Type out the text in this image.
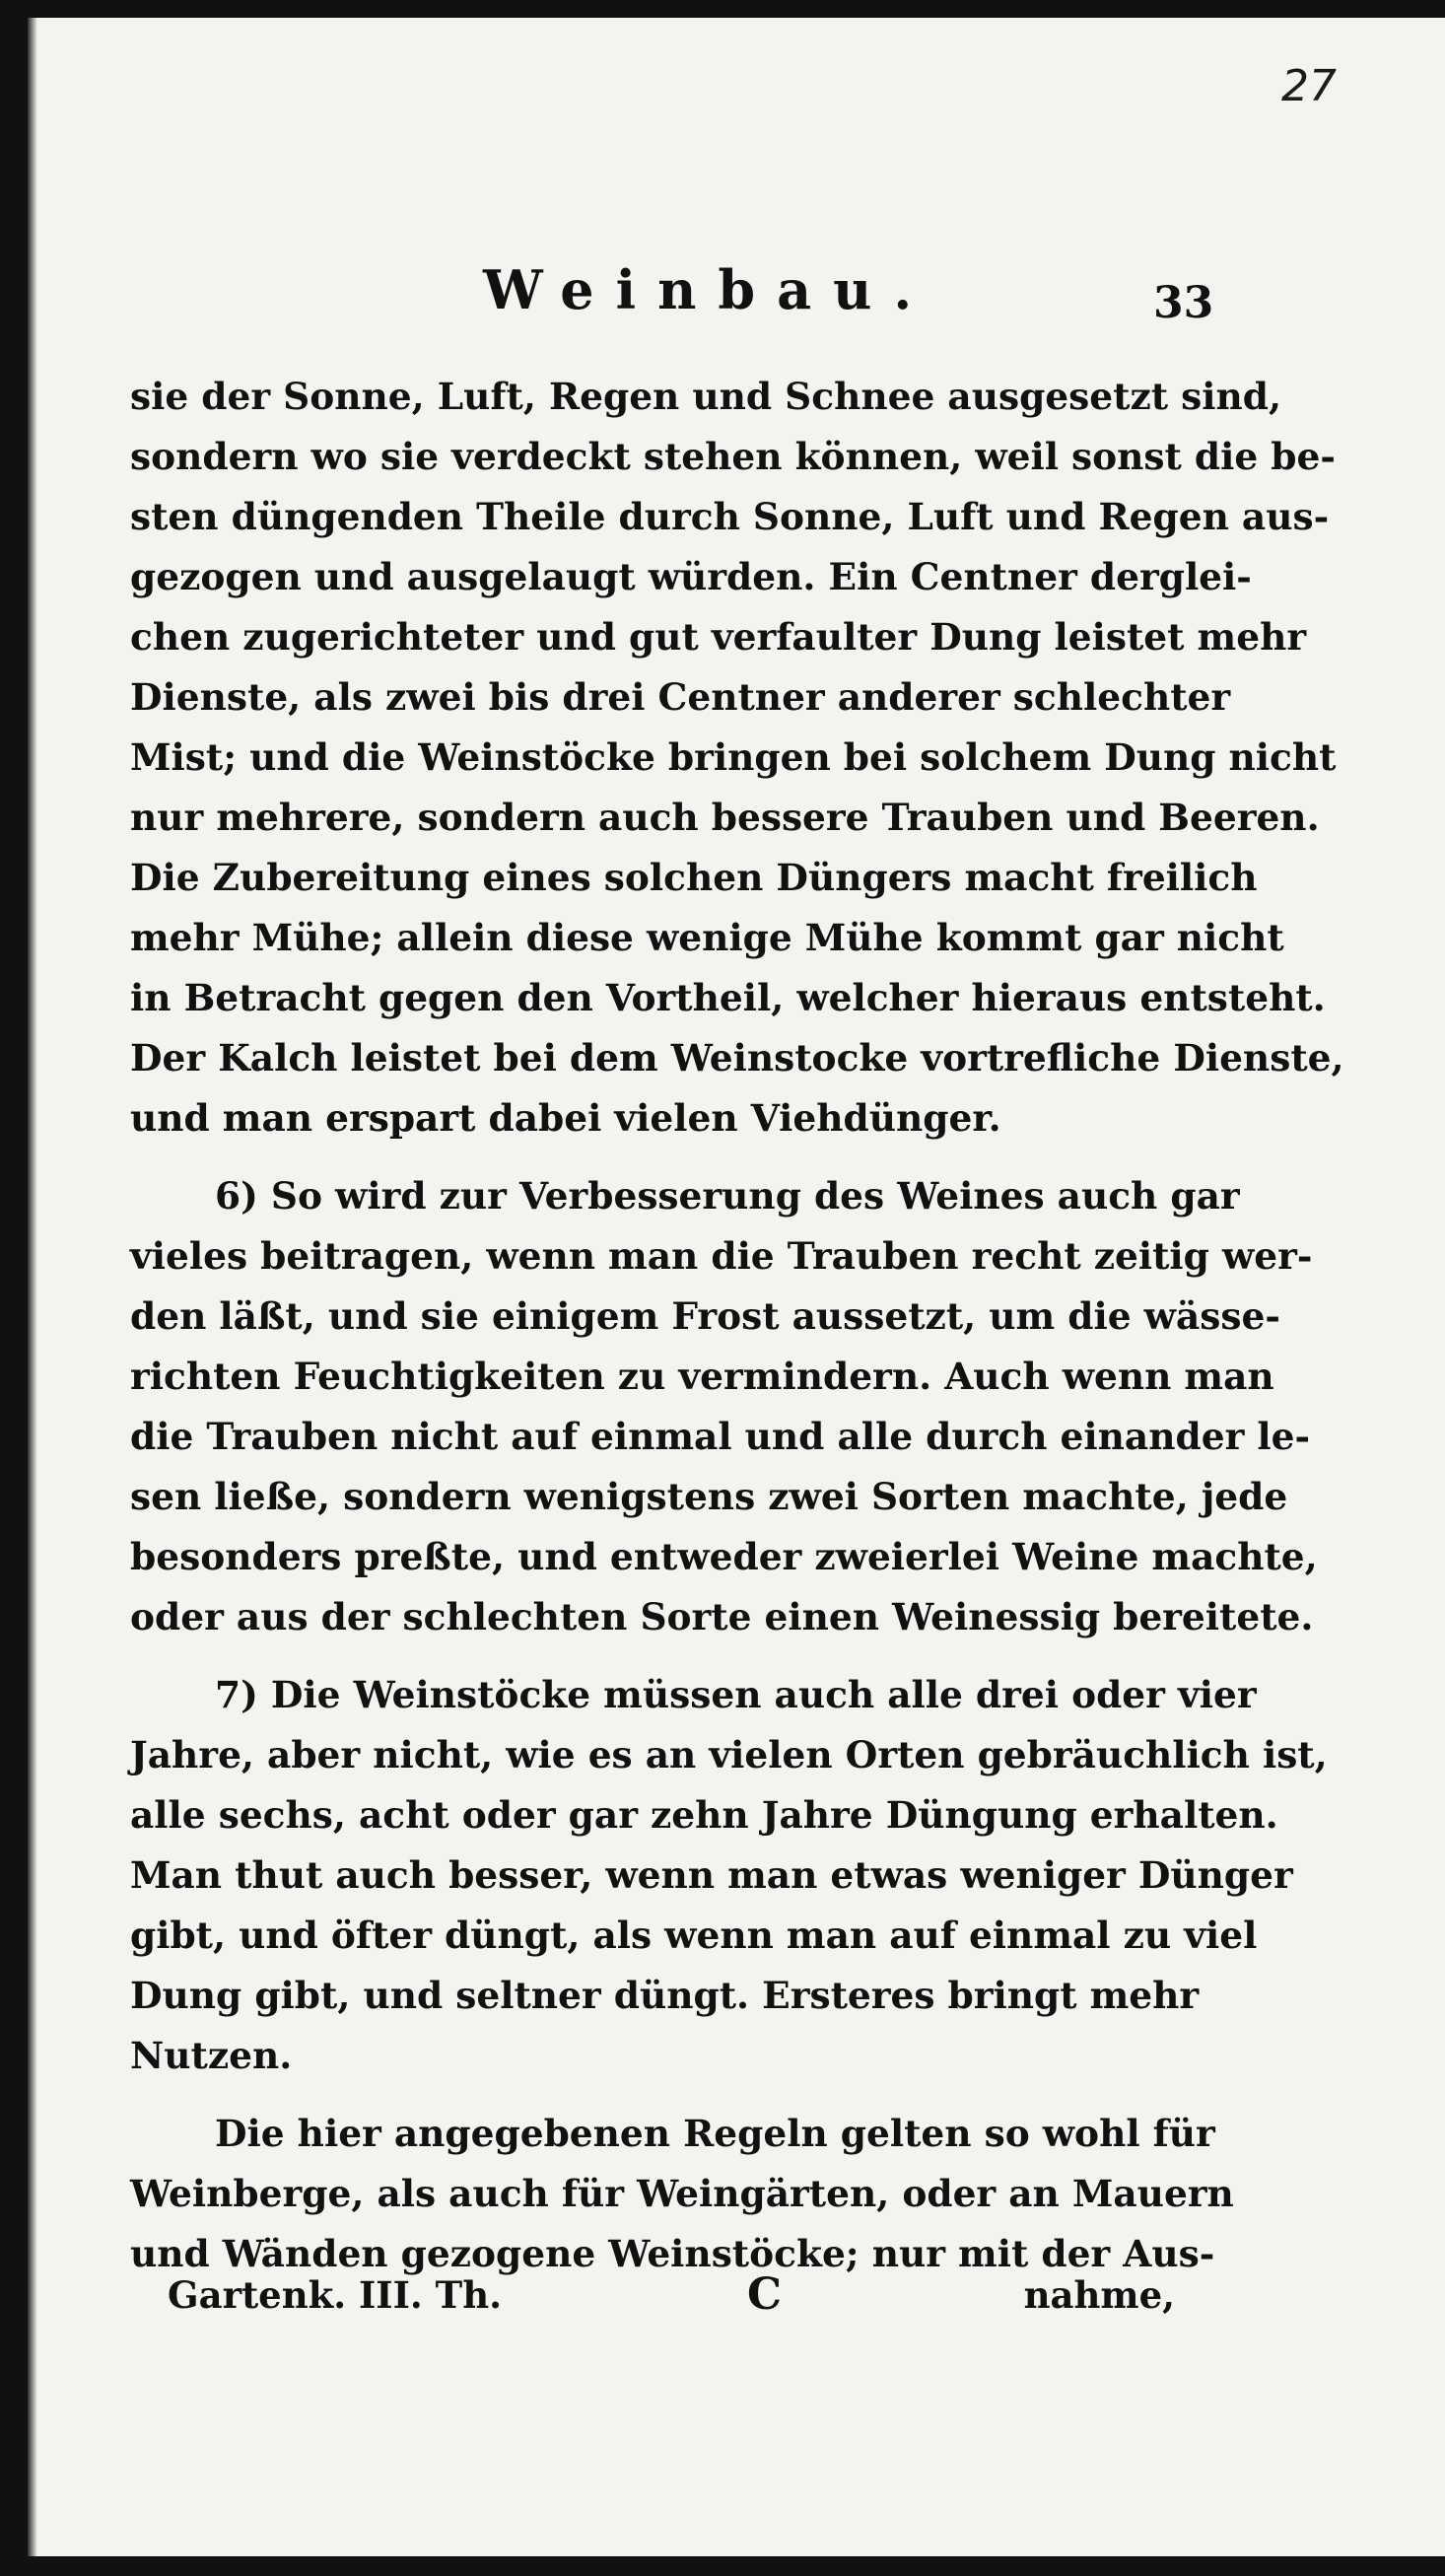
27
Weinbau.	33
sie der Sonne, Luft, Regen und Schnee ausgesetzt sind,
sondern wo sie verdeckt stehen können, weil sonst die be-
sten düngenden Theile durch Sonne, Luft und Regen aus-
gezogen und ausgelaugt würden. Ein Centner derglei-
chen zugerichteter und gut verfaulter Dung leistet mehr
Dienste, als zwei bis drei Centner anderer schlechter
Mist; und die Weinstöcke bringen bei solchem Dung nicht
nur mehrere, sondern auch bessere Trauben und Beeren.
Die Zubereitung eines solchen Düngers macht freilich
mehr Mühe; allein diese wenige Mühe kommt gar nicht
in Betracht gegen den Vortheil, welcher hieraus entsteht.
Der Kalch leistet bei dem Weinstocke vortrefliche Dienste,
und man erspart dabei vielen Viehdünger.
6) So wird zur Verbesserung des Weines auch gar
vieles beitragen, wenn man die Trauben recht zeitig wer-
den läßt, und sie einigem Frost aussetzt, um die wässe-
richten Feuchtigkeiten zu vermindern. Auch wenn man
die Trauben nicht auf einmal und alle durch einander le-
sen ließe, sondern wenigstens zwei Sorten machte, jede
besonders preßte, und entweder zweierlei Weine machte,
oder aus der schlechten Sorte einen Weinessig bereitete.
7) Die Weinstöcke müssen auch alle drei oder vier
Jahre, aber nicht, wie es an vielen Orten gebräuchlich ist,
alle sechs, acht oder gar zehn Jahre Düngung erhalten.
Man thut auch besser, wenn man etwas weniger Dünger
gibt, und öfter düngt, als wenn man auf einmal zu viel
Dung gibt, und seltner düngt. Ersteres bringt mehr
Nutzen.
Die hier angegebenen Regeln gelten so wohl für
Weinberge, als auch für Weingärten, oder an Mauern
und Wänden gezogene Weinstöcke; nur mit der Aus-
Gartenk. III. Th.	C	nahme,
